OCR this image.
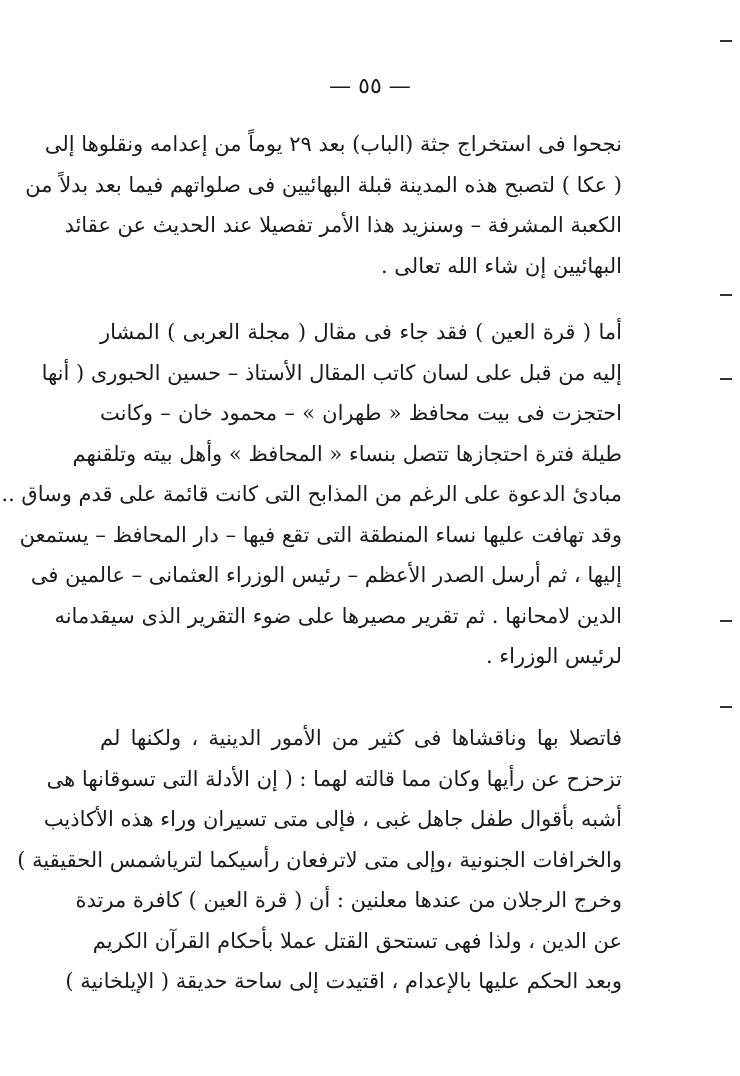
— ٥٥ —
نجحوا فى استخراج جثة (الباب) بعد ٢٩ يوماً من إعدامه ونقلوها إلى
( عكا ) لتصبح هذه المدينة قبلة البهائيين فى صلواتهم فيما بعد بدلاً من
الكعبة المشرفة – وسنزيد هذا الأمر تفصيلا عند الحديث عن عقائد
البهائيين إن شاء الله تعالى .
أما ( قرة العين ) فقد جاء فى مقال ( مجلة العربى ) المشار
إليه من قبل على لسان كاتب المقال الأستاذ – حسين الحبورى ( أنها
احتجزت فى بيت محافظ « طهران » – محمود خان – وكانت
طيلة فترة احتجازها تتصل بنساء « المحافظ » وأهل بيته وتلقنهم
مبادئ الدعوة على الرغم من المذابح التى كانت قائمة على قدم وساق ..
وقد تهافت عليها نساء المنطقة التى تقع فيها – دار المحافظ – يستمعن
إليها ، ثم أرسل الصدر الأعظم – رئيس الوزراء العثمانى – عالمين فى
الدين لامحانها . ثم تقرير مصيرها على ضوء التقرير الذى سيقدمانه
لرئيس الوزراء .
فاتصلا بها وناقشاها فى كثير من الأمور الدينية ، ولكنها لم
تزحزح عن رأيها وكان مما قالته لهما : ( إن الأدلة التى تسوقانها هى
أشبه بأقوال طفل جاهل غبى ، فإلى متى تسيران وراء هذه الأكاذيب
والخرافات الجنونية ،وإلى متى لاترفعان رأسيكما لترياشمس الحقيقية )
وخرج الرجلان من عندها معلنين : أن ( قرة العين ) كافرة مرتدة
عن الدين ، ولذا فهى تستحق القتل عملا بأحكام القرآن الكريم
وبعد الحكم عليها بالإعدام ، اقتيدت إلى ساحة حديقة ( الإيلخانية )
